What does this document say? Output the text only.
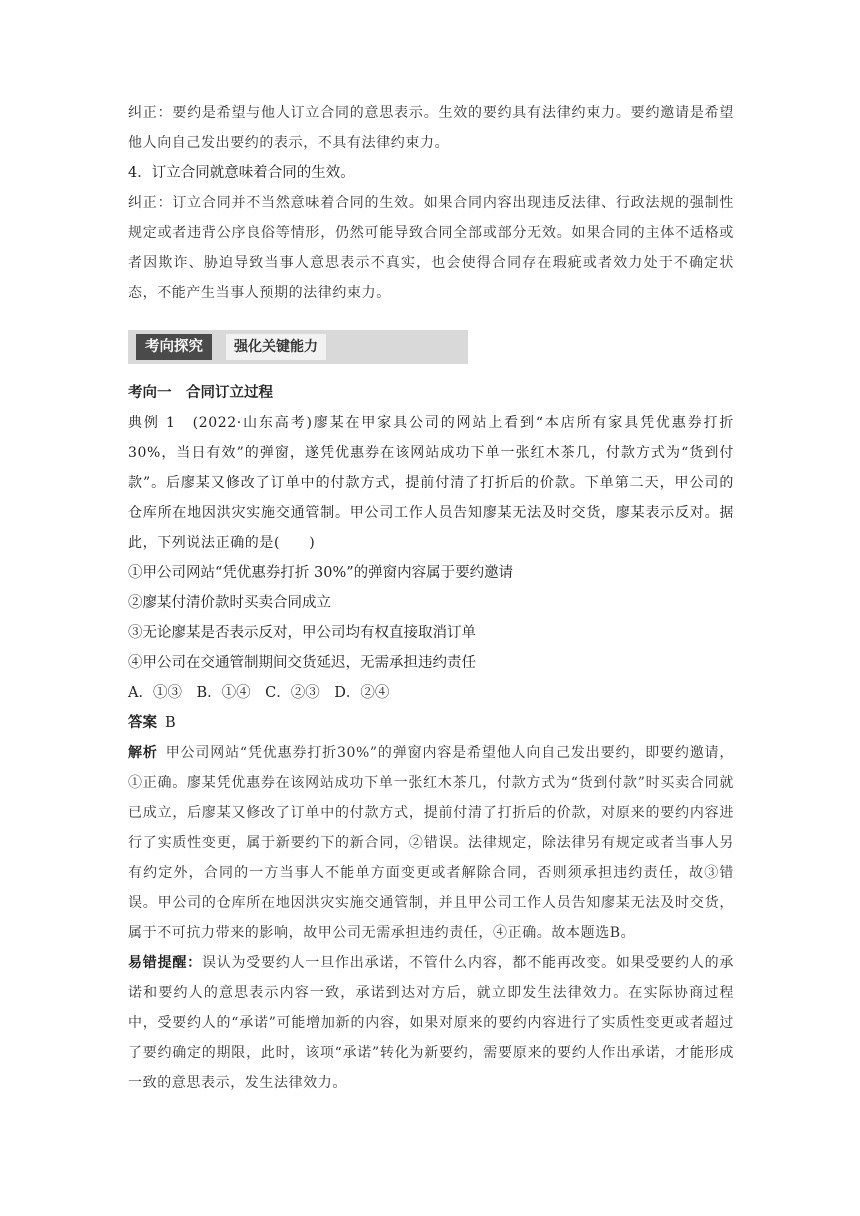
纠正：要约是希望与他人订立合同的意思表示。生效的要约具有法律约束力。要约邀请是希望他人向自己发出要约的表示，不具有法律约束力。

4．订立合同就意味着合同的生效。

纠正：订立合同并不当然意味着合同的生效。如果合同内容出现违反法律、行政法规的强制性规定或者违背公序良俗等情形，仍然可能导致合同全部或部分无效。如果合同的主体不适格或者因欺诈、胁迫导致当事人意思表示不真实，也会使得合同存在瑕疵或者效力处于不确定状态，不能产生当事人预期的法律约束力。

考向探究	强化关键能力

考向一　合同订立过程

典例 1　 (2022·山东高考)廖某在甲家具公司的网站上看到“本店所有家具凭优惠券打折30%，当日有效”的弹窗，遂凭优惠券在该网站成功下单一张红木茶几，付款方式为“货到付款”。后廖某又修改了订单中的付款方式，提前付清了打折后的价款。下单第二天，甲公司的仓库所在地因洪灾实施交通管制。甲公司工作人员告知廖某无法及时交货，廖某表示反对。据此，下列说法正确的是(　　)

①甲公司网站“凭优惠券打折 30%”的弹窗内容属于要约邀请

②廖某付清价款时买卖合同成立

③无论廖某是否表示反对，甲公司均有权直接取消订单

④甲公司在交通管制期间交货延迟，无需承担违约责任

A．①③　B．①④　C．②③　D．②④

答案 B

解析 甲公司网站“凭优惠券打折30%”的弹窗内容是希望他人向自己发出要约，即要约邀请，①正确。廖某凭优惠券在该网站成功下单一张红木茶几，付款方式为“货到付款”时买卖合同就已成立，后廖某又修改了订单中的付款方式，提前付清了打折后的价款，对原来的要约内容进行了实质性变更，属于新要约下的新合同，②错误。法律规定，除法律另有规定或者当事人另有约定外，合同的一方当事人不能单方面变更或者解除合同，否则须承担违约责任，故③错误。甲公司的仓库所在地因洪灾实施交通管制，并且甲公司工作人员告知廖某无法及时交货，属于不可抗力带来的影响，故甲公司无需承担违约责任，④正确。故本题选B。

易错提醒：误认为受要约人一旦作出承诺，不管什么内容，都不能再改变。如果受要约人的承诺和要约人的意思表示内容一致，承诺到达对方后，就立即发生法律效力。在实际协商过程中，受要约人的“承诺”可能增加新的内容，如果对原来的要约内容进行了实质性变更或者超过了要约确定的期限，此时，该项“承诺”转化为新要约，需要原来的要约人作出承诺，才能形成一致的意思表示，发生法律效力。
